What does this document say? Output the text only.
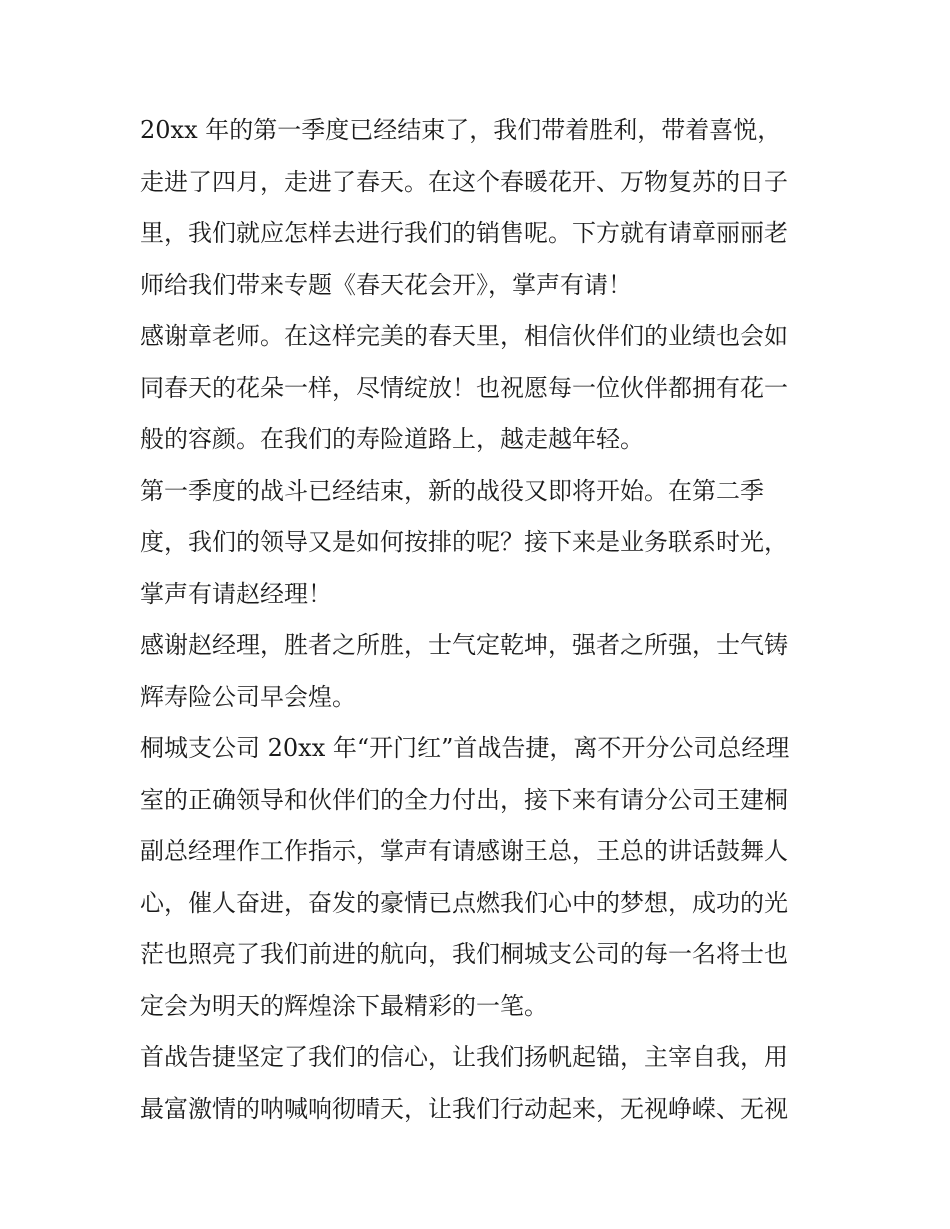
20xx 年的第一季度已经结束了，我们带着胜利，带着喜悦，
走进了四月，走进了春天。在这个春暖花开、万物复苏的日子
里，我们就应怎样去进行我们的销售呢。下方就有请章丽丽老
师给我们带来专题《春天花会开》，掌声有请！

感谢章老师。在这样完美的春天里，相信伙伴们的业绩也会如
同春天的花朵一样，尽情绽放！也祝愿每一位伙伴都拥有花一
般的容颜。在我们的寿险道路上，越走越年轻。

第一季度的战斗已经结束，新的战役又即将开始。在第二季
度，我们的领导又是如何按排的呢？接下来是业务联系时光，
掌声有请赵经理！

感谢赵经理，胜者之所胜，士气定乾坤，强者之所强，士气铸
辉寿险公司早会煌。

桐城支公司 20xx 年“开门红”首战告捷，离不开分公司总经理
室的正确领导和伙伴们的全力付出，接下来有请分公司王建桐
副总经理作工作指示，掌声有请感谢王总，王总的讲话鼓舞人
心，催人奋进，奋发的豪情已点燃我们心中的梦想，成功的光
茫也照亮了我们前进的航向，我们桐城支公司的每一名将士也
定会为明天的辉煌涂下最精彩的一笔。

首战告捷坚定了我们的信心，让我们扬帆起锚，主宰自我，用
最富激情的呐喊响彻晴天，让我们行动起来，无视峥嵘、无视
